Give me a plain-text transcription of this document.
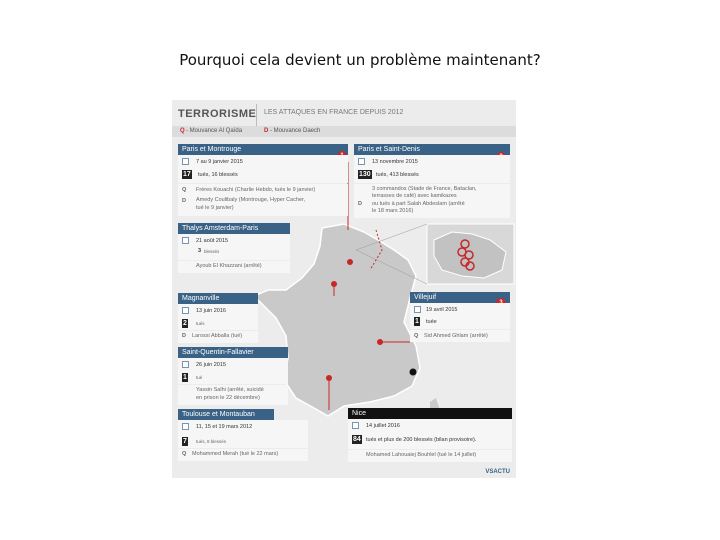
Pourquoi cela devient un problème maintenant?
TERRORISME LES ATTAQUES EN FRANCE DEPUIS 2012
Q - Mouvance Al Qaïda	D - Mouvance Daech
Paris et Montrouge
7 au 9 janvier 2015
17 tués, 16 blessés
Q Frères Kouachi (Charlie Hebdo, tués le 9 janvier)
D Amedy Coulibaly (Montrouge, Hyper Cacher,
tué le 9 janvier)
Paris et Saint-Denis
13 novembre 2015
130 tués, 413 blessés
3 commandos (Stade de France, Bataclan,
terrasses de café) avec kamikazes
D ou tués à part Salah Abdeslam (arrêté
le 18 mars 2016)
Thalys Amsterdam-Paris
21 août 2015
3 blessés
Ayoub El Khazzani (arrêté)
Magnanville
13 juin 2016
2 tués
D Larossi Abballa (tué)
Villejuif
19 avril 2015
1 tuée
Q Sid Ahmed Ghlam (arrêté)
Saint-Quentin-Fallavier
26 juin 2015
1 tué
Yassin Salhi (arrêté, suicidé
en prison le 22 décembre)
Toulouse et Montauban
11, 15 et 19 mars 2012
7 tués, 8 blessés
Q Mohammed Merah (tué le 22 mars)
Nice
14 juillet 2016
84 tués et plus de 200 blessés (bilan provisoire).
Mohamed Lahouaiej Bouhlel (tué le 14 juillet)
VSACTU
